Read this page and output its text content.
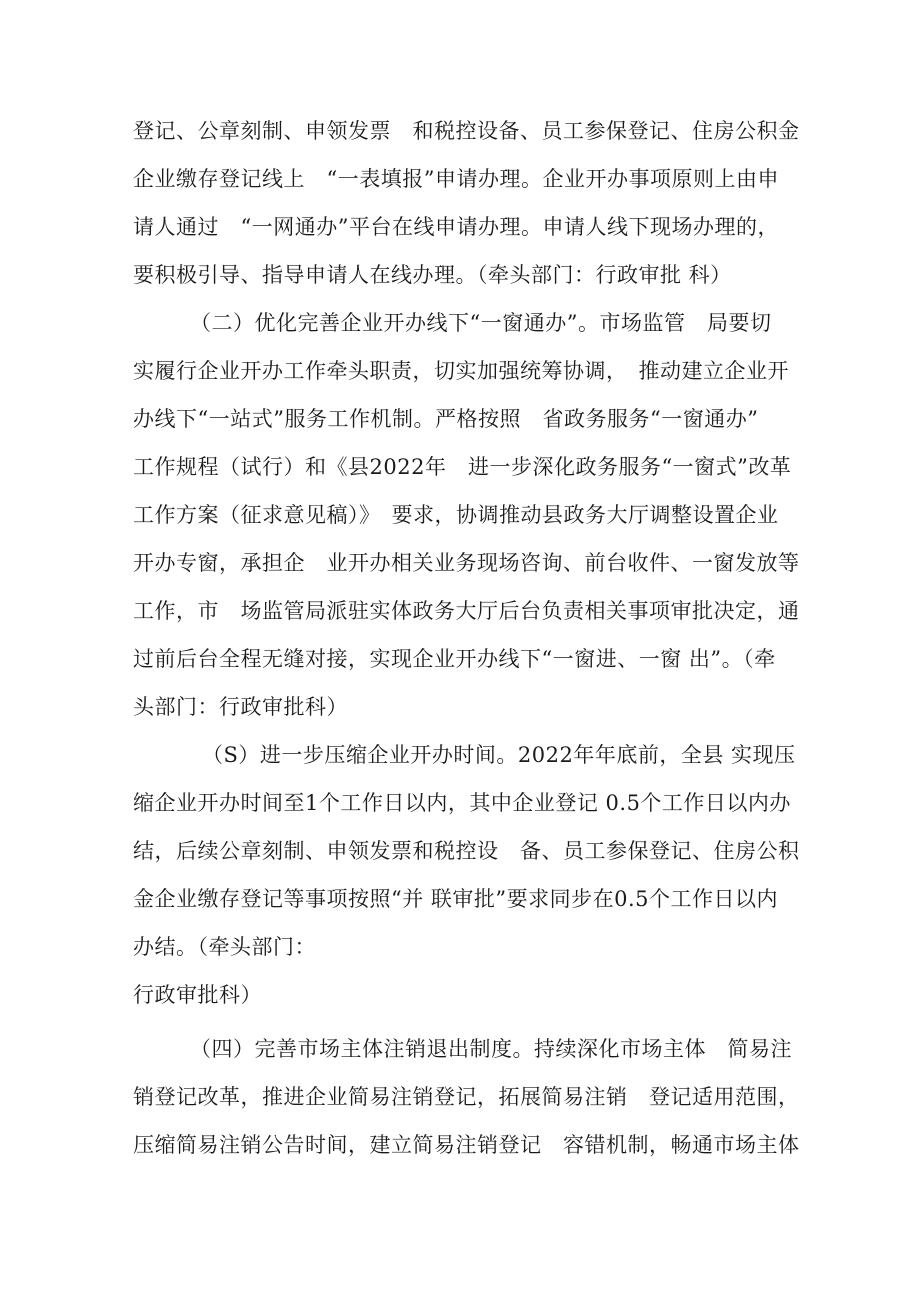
登记、公章刻制、申领发票　和税控设备、员工参保登记、住房公积金
企业缴存登记线上　“一表填报”申请办理。企业开办事项原则上由申
请人通过　“一网通办”平台在线申请办理。申请人线下现场办理的，
要积极引导、指导申请人在线办理。（牵头部门：行政审批 科）
（二）优化完善企业开办线下“一窗通办”。市场监管　局要切
实履行企业开办工作牵头职责，切实加强统筹协调，　推动建立企业开
办线下“一站式”服务工作机制。严格按照　省政务服务“一窗通办”
工作规程（试行）和《县2022年　进一步深化政务服务“一窗式”改革
工作方案（征求意见稿）》　要求，协调推动县政务大厅调整设置企业
开办专窗，承担企　业开办相关业务现场咨询、前台收件、一窗发放等
工作，市　场监管局派驻实体政务大厅后台负责相关事项审批决定，通
过前后台全程无缝对接，实现企业开办线下“一窗进、一窗 出”。（牵
头部门：行政审批科）
（S）进一步压缩企业开办时间。2022年年底前，全县 实现压
缩企业开办时间至1个工作日以内，其中企业登记 0.5个工作日以内办
结，后续公章刻制、申领发票和税控设　备、员工参保登记、住房公积
金企业缴存登记等事项按照“并 联审批”要求同步在0.5个工作日以内
办结。（牵头部门：
行政审批科）
（四）完善市场主体注销退出制度。持续深化市场主体　简易注
销登记改革，推进企业简易注销登记，拓展简易注销　登记适用范围，
压缩简易注销公告时间，建立简易注销登记　容错机制，畅通市场主体
